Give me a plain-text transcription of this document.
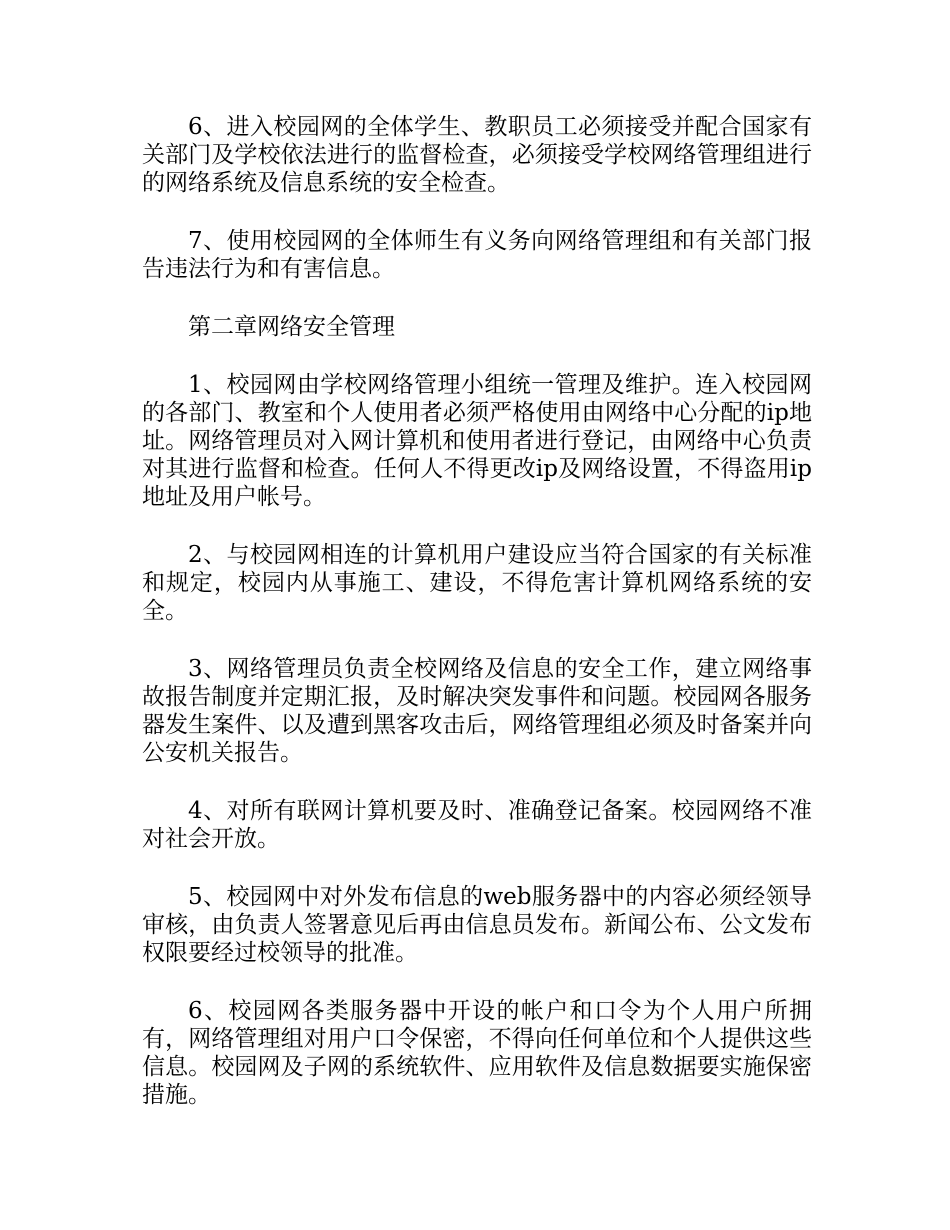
6、进入校园网的全体学生、教职员工必须接受并配合国家有关部门及学校依法进行的监督检查，必须接受学校网络管理组进行的网络系统及信息系统的安全检查。

7、使用校园网的全体师生有义务向网络管理组和有关部门报告违法行为和有害信息。

第二章网络安全管理

1、校园网由学校网络管理小组统一管理及维护。连入校园网的各部门、教室和个人使用者必须严格使用由网络中心分配的ip地址。网络管理员对入网计算机和使用者进行登记，由网络中心负责对其进行监督和检查。任何人不得更改ip及网络设置，不得盗用ip地址及用户帐号。

2、与校园网相连的计算机用户建设应当符合国家的有关标准和规定，校园内从事施工、建设，不得危害计算机网络系统的安全。

3、网络管理员负责全校网络及信息的安全工作，建立网络事故报告制度并定期汇报，及时解决突发事件和问题。校园网各服务器发生案件、以及遭到黑客攻击后，网络管理组必须及时备案并向公安机关报告。

4、对所有联网计算机要及时、准确登记备案。校园网络不准对社会开放。

5、校园网中对外发布信息的web服务器中的内容必须经领导审核，由负责人签署意见后再由信息员发布。新闻公布、公文发布权限要经过校领导的批准。

6、校园网各类服务器中开设的帐户和口令为个人用户所拥有，网络管理组对用户口令保密，不得向任何单位和个人提供这些信息。校园网及子网的系统软件、应用软件及信息数据要实施保密措施。
